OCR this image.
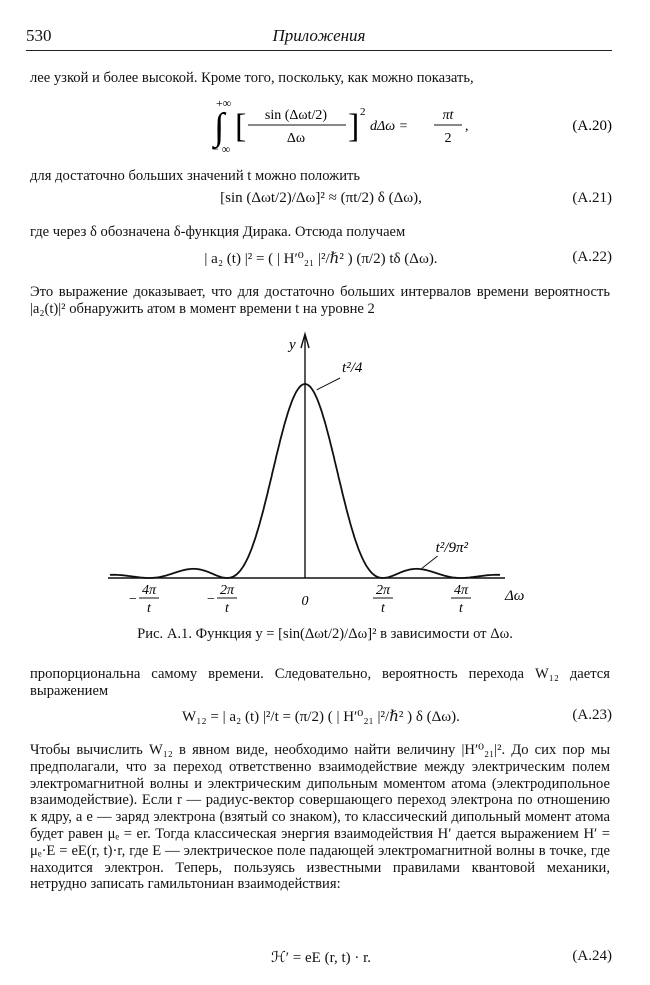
530	Приложения
лее узкой и более высокой. Кроме того, поскольку, как можно показать,
+∞
∫
− ∞
[ sin (Δωt/2)
Δω ] 2
dΔω =
πt
2
,	(A.20)
для достаточно больших значений t можно положить
[sin (Δωt/2)/Δω]² ≈ (πt/2) δ (Δω),	(A.21)
где через δ обозначена δ-функция Дирака. Отсюда получаем
| a₂ (t) |² = ( | H′⁰₂₁ |²/ℏ² ) (π/2) tδ (Δω).	(A.22)
Это выражение доказывает, что для достаточно больших интервалов времени вероятность |a₂(t)|² обнаружить атом в момент времени t на уровне 2
y
Δω
4π
t
−
2π
t
−	0
2π
t
4π
t
t²/4
t²/9π²
Рис. А.1. Функция y = [sin(Δωt/2)/Δω]² в зависимости от Δω.
пропорциональна самому времени. Следовательно, вероятность перехода W₁₂ дается выражением
W₁₂ = | a₂ (t) |²/t = (π/2) ( | H′⁰₂₁ |²/ℏ² ) δ (Δω).	(A.23)
Чтобы вычислить W₁₂ в явном виде, необходимо найти величину |H′⁰₂₁|². До сих пор мы предполагали, что за переход ответственно взаимодействие между электрическим полем электромагнитной волны и электрическим дипольным моментом атома (электродипольное взаимодействие). Если r — радиус-вектор совершающего переход электрона по отношению к ядру, а e — заряд электрона (взятый со знаком), то классический дипольный момент атома будет равен μₑ = er. Тогда классическая энергия взаимодействия H′ дается выражением H′ = μₑ·E = eE(r, t)·r, где E — электрическое поле падающей электромагнитной волны в точке, где находится электрон. Теперь, пользуясь известными правилами квантовой механики, нетрудно записать гамильтониан взаимодействия:
ℋ′ = eE (r, t) · r.	(A.24)
